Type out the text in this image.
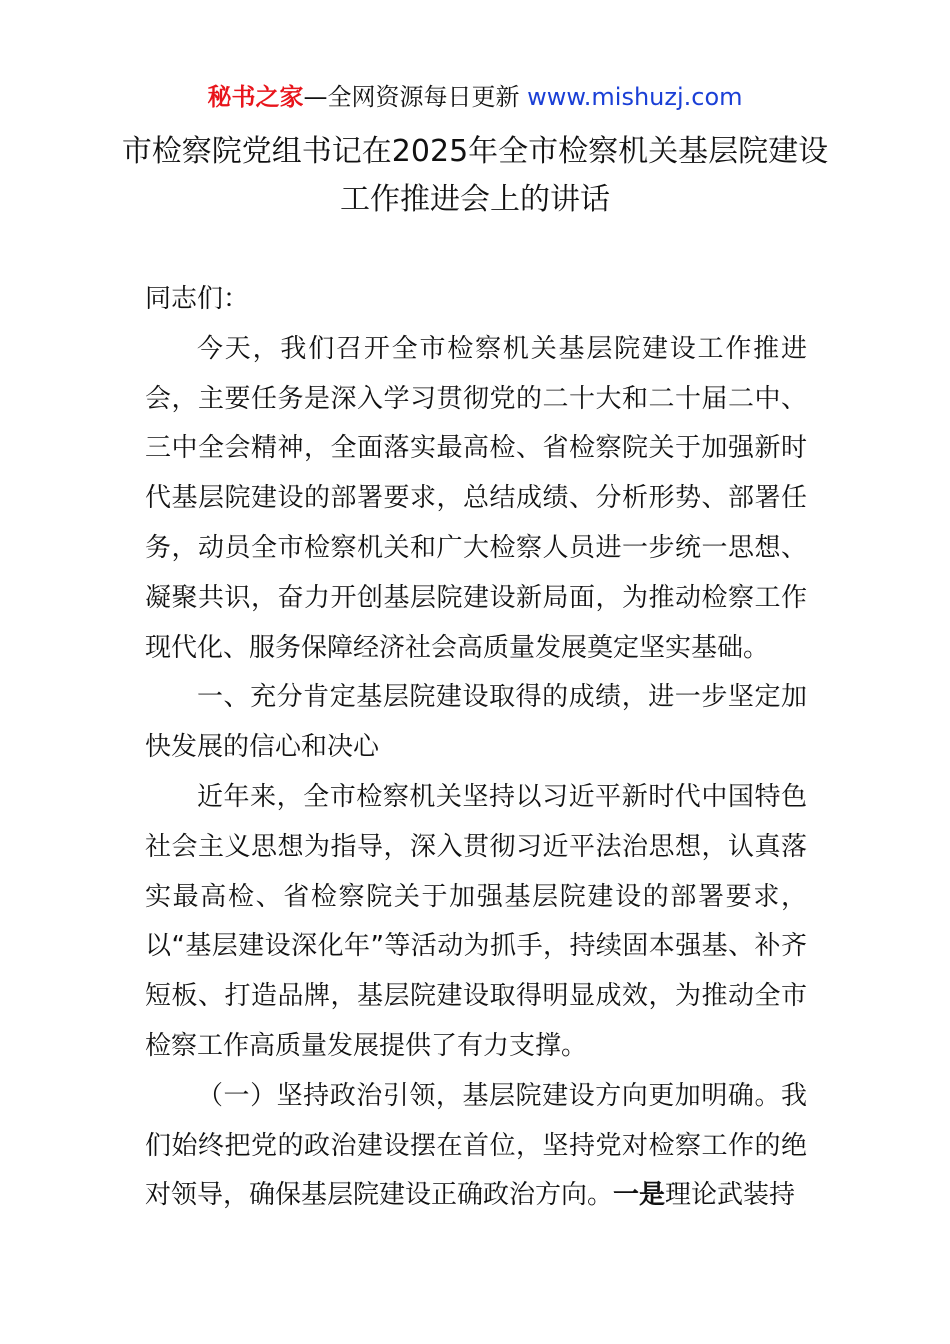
秘书之家—全网资源每日更新 www.mishuzj.com
市检察院党组书记在2025年全市检察机关基层院建设工作推进会上的讲话

同志们：

今天，我们召开全市检察机关基层院建设工作推进会，主要任务是深入学习贯彻党的二十大和二十届二中、三中全会精神，全面落实最高检、省检察院关于加强新时代基层院建设的部署要求，总结成绩、分析形势、部署任务，动员全市检察机关和广大检察人员进一步统一思想、凝聚共识，奋力开创基层院建设新局面，为推动检察工作现代化、服务保障经济社会高质量发展奠定坚实基础。

一、充分肯定基层院建设取得的成绩，进一步坚定加快发展的信心和决心

近年来，全市检察机关坚持以习近平新时代中国特色社会主义思想为指导，深入贯彻习近平法治思想，认真落实最高检、省检察院关于加强基层院建设的部署要求，以“基层建设深化年”等活动为抓手，持续固本强基、补齐短板、打造品牌，基层院建设取得明显成效，为推动全市检察工作高质量发展提供了有力支撑。

（一）坚持政治引领，基层院建设方向更加明确。我们始终把党的政治建设摆在首位，坚持党对检察工作的绝对领导，确保基层院建设正确政治方向。一是理论武装持
